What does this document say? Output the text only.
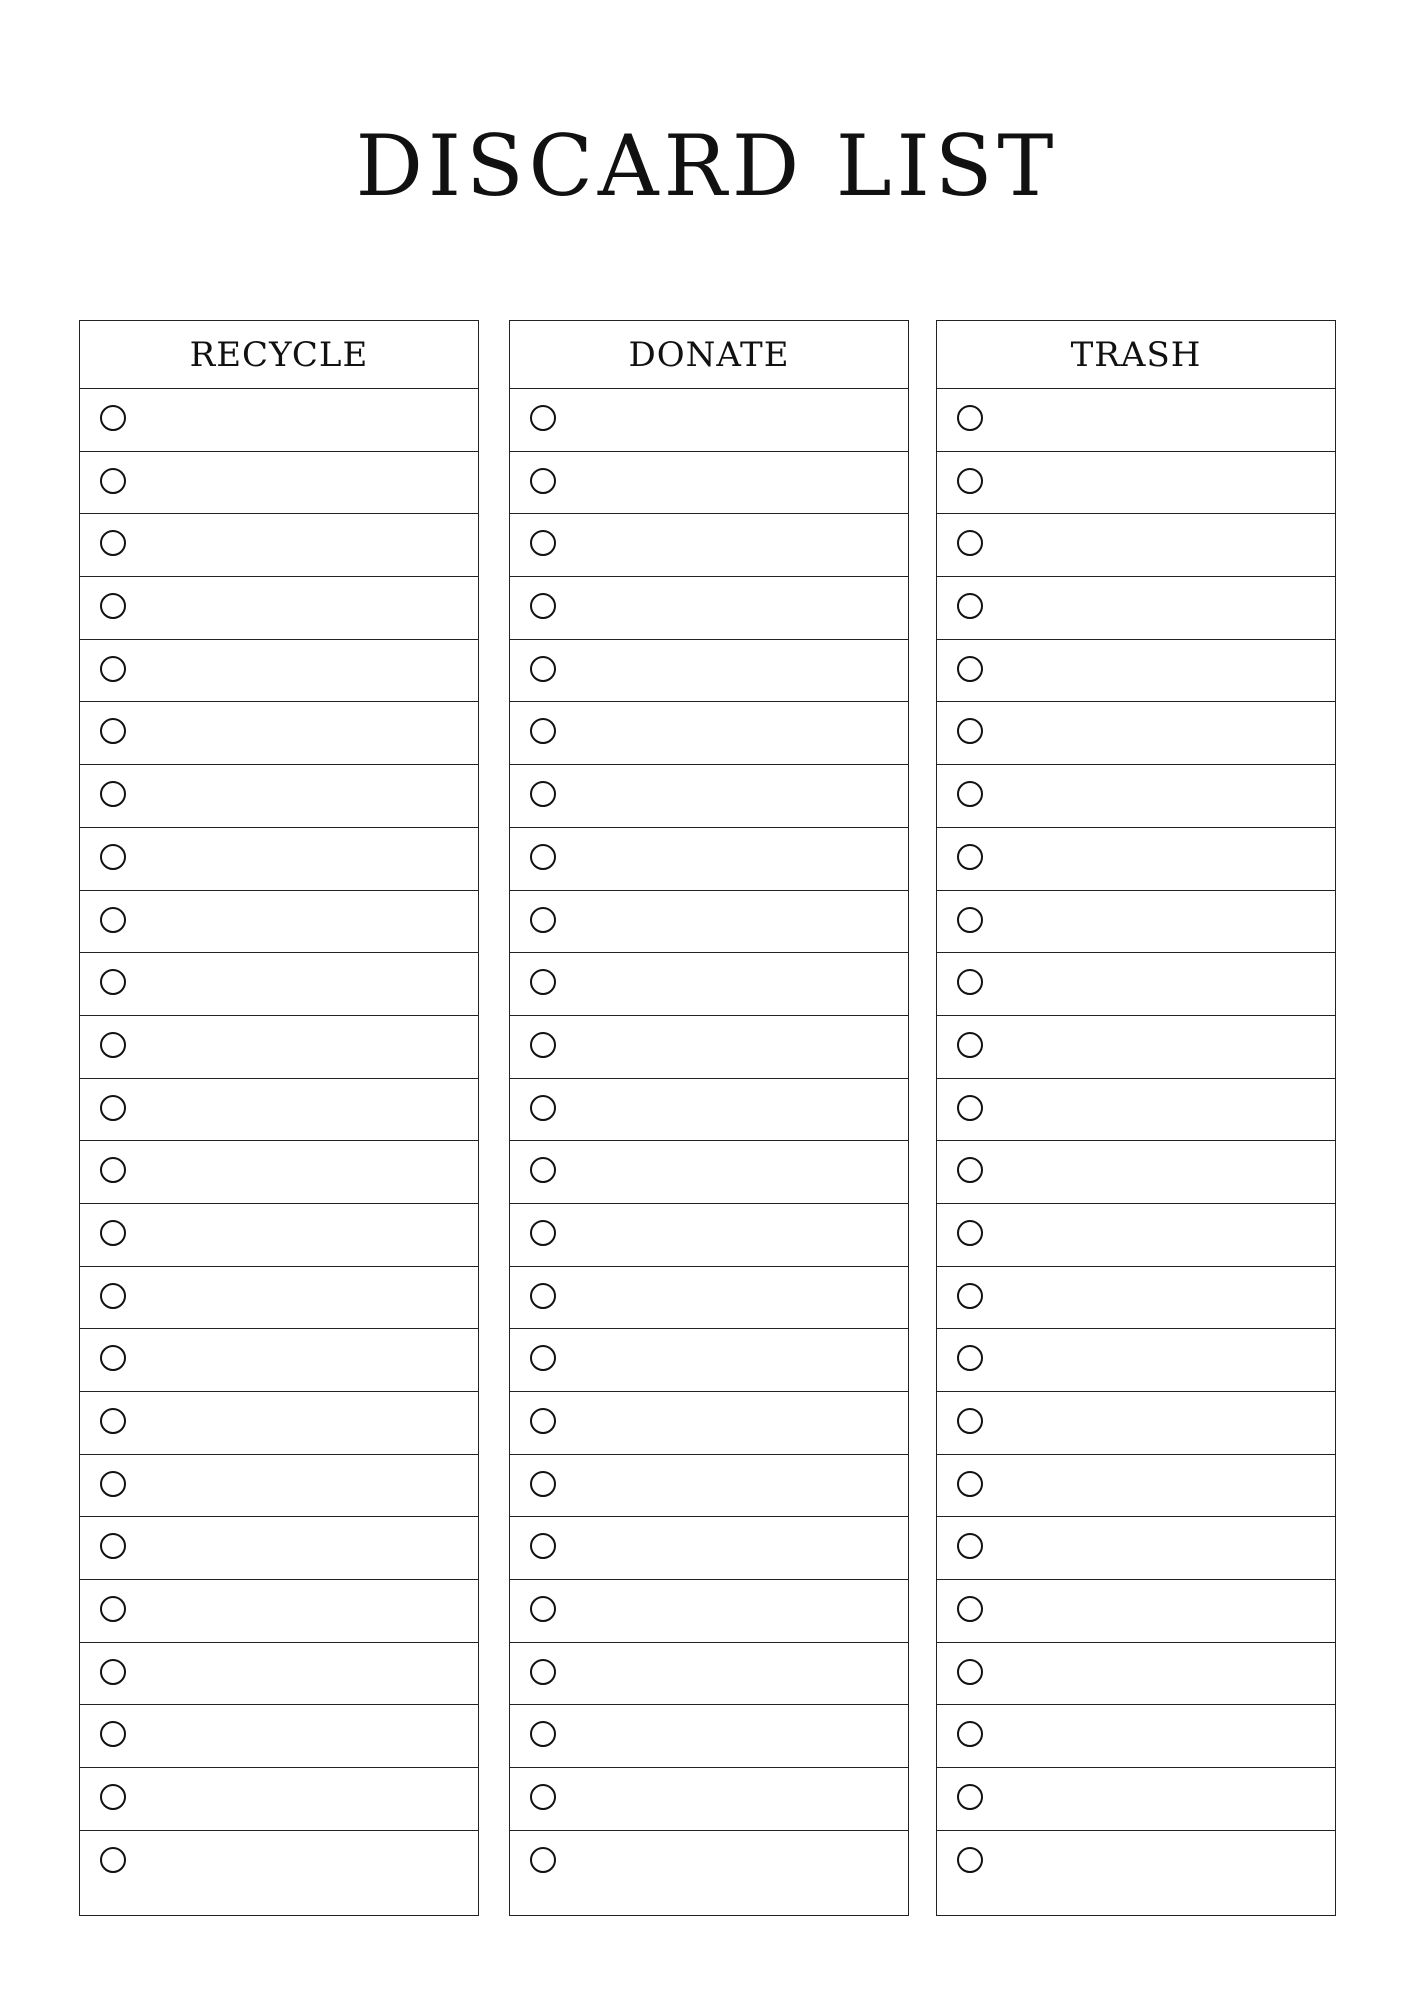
DISCARD LIST
RECYCLE	DONATE	TRASH
